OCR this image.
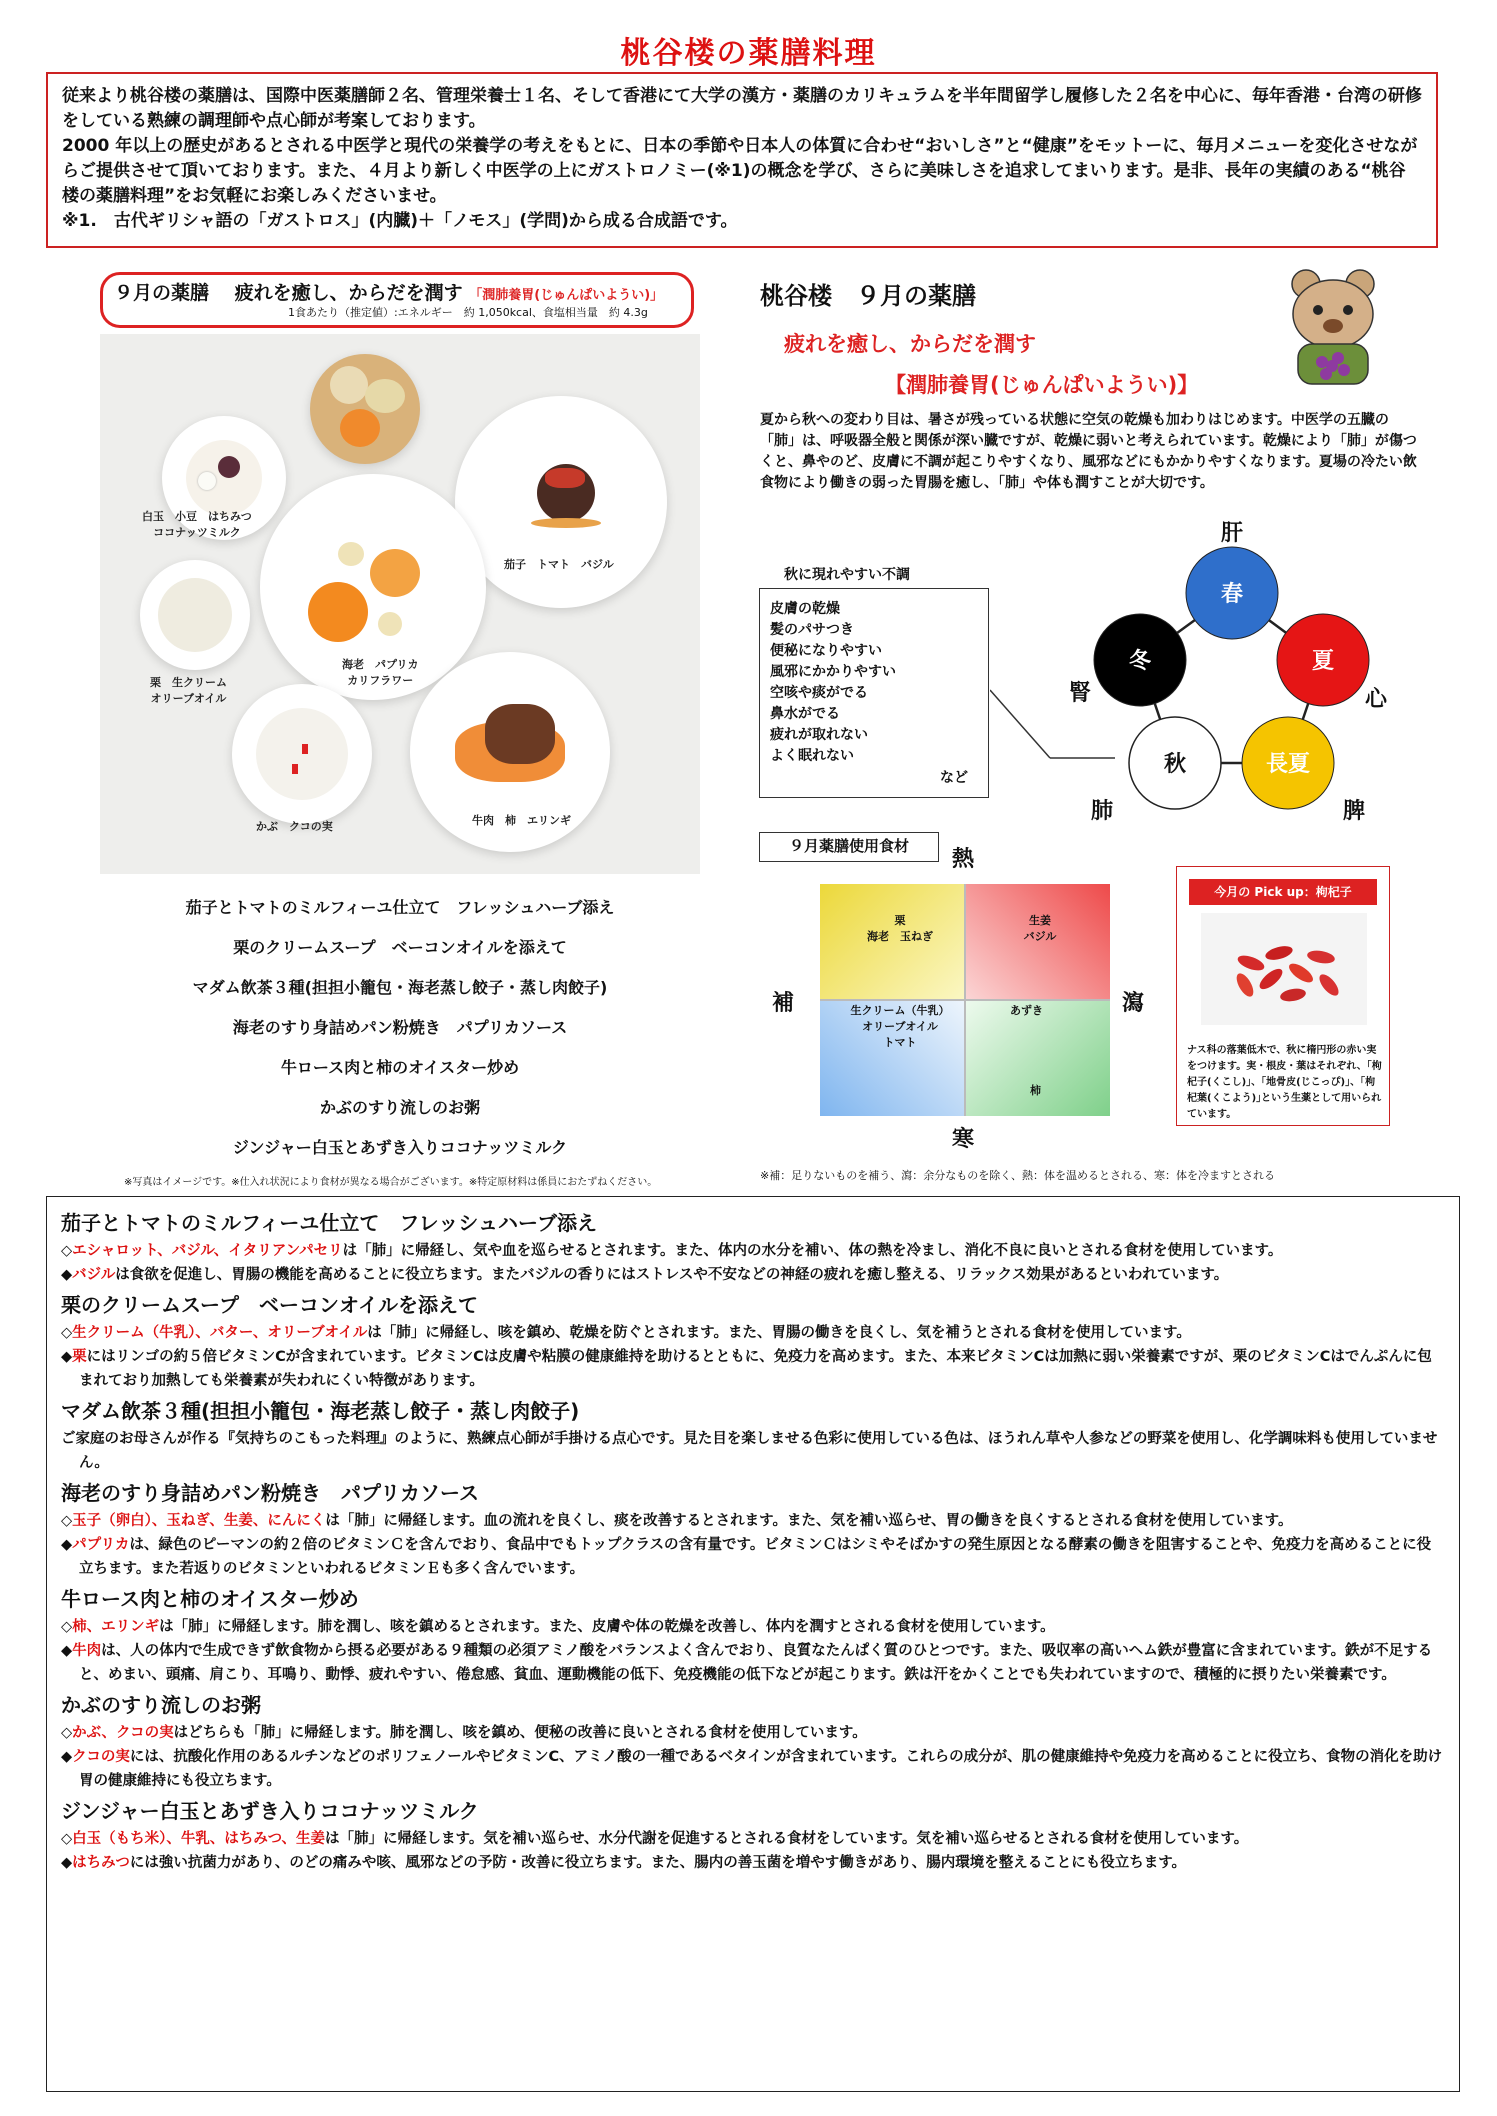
桃谷楼の薬膳料理

従来より桃谷楼の薬膳は、国際中医薬膳師２名、管理栄養士１名、そして香港にて大学の漢方・薬膳のカリキュラムを半年間留学し履修した２名を中心に、毎年香港・台湾の研修をしている熟練の調理師や点心師が考案しております。

2000 年以上の歴史があるとされる中医学と現代の栄養学の考えをもとに、日本の季節や日本人の体質に合わせ“おいしさ”と“健康”をモットーに、毎月メニューを変化させながらご提供させて頂いております。また、４月より新しく中医学の上にガストロノミー(※1)の概念を学び、さらに美味しさを追求してまいります。是非、長年の実績のある“桃谷楼の薬膳料理”をお気軽にお楽しみくださいませ。

※1.　古代ギリシャ語の「ガストロス」(内臓)＋「ノモス」(学問)から成る合成語です。

９月の薬膳　 疲れを癒し、からだを潤す 「潤肺養胃(じゅんぱいようい)」
1食あたり（推定値）:エネルギー　約 1,050kcal、食塩相当量　約 4.3g
白玉　小豆　はちみつ
ココナッツミルク
茄子　トマト　バジル
栗　生クリーム
オリーブオイル
海老　パプリカ
カリフラワー
かぶ　クコの実	牛肉　柿　エリンギ
茄子とトマトのミルフィーユ仕立て　フレッシュハーブ添え
栗のクリームスープ　ベーコンオイルを添えて
マダム飲茶３種(担担小籠包・海老蒸し餃子・蒸し肉餃子)
海老のすり身詰めパン粉焼き　パプリカソース
牛ロース肉と柿のオイスター炒め
かぶのすり流しのお粥
ジンジャー白玉とあずき入りココナッツミルク
※写真はイメージです。※仕入れ状況により食材が異なる場合がございます。※特定原材料は係員におたずねください。
桃谷楼　９月の薬膳
疲れを癒し、からだを潤す
【潤肺養胃(じゅんぱいようい)】
夏から秋への変わり目は、暑さが残っている状態に空気の乾燥も加わりはじめます。中医学の五臓の「肺」は、呼吸器全般と関係が深い臓ですが、乾燥に弱いと考えられています。乾燥により「肺」が傷つくと、鼻やのど、皮膚に不調が起こりやすくなり、風邪などにもかかりやすくなります。夏場の冷たい飲食物により働きの弱った胃腸を癒し、「肺」や体も潤すことが大切です。
秋に現れやすい不調
皮膚の乾燥
髪のパサつき
便秘になりやすい
風邪にかかりやすい
空咳や痰がでる
鼻水がでる
疲れが取れない
よく眠れない
など
春
夏
長夏
秋
冬
肝
心
脾
肺
腎
９月薬膳使用食材
熱
寒
補	瀉
栗
海老　玉ねぎ
生姜
バジル
生クリーム（牛乳）
オリーブオイル
トマト
あずき
柿
今月の Pick up：枸杞子
ナス科の落葉低木で、秋に楕円形の赤い実をつけます。実・根皮・葉はそれぞれ、｢枸杞子(くこし)｣、｢地骨皮(じこっぴ)｣、｢枸杞葉(くこよう)｣という生薬として用いられています。
※補：足りないものを補う、瀉：余分なものを除く、熱：体を温めるとされる、寒：体を冷ますとされる
茄子とトマトのミルフィーユ仕立て　フレッシュハーブ添え

◇エシャロット、バジル、イタリアンパセリは「肺」に帰経し、気や血を巡らせるとされます。また、体内の水分を補い、体の熱を冷まし、消化不良に良いとされる食材を使用しています。

◆バジルは食欲を促進し、胃腸の機能を高めることに役立ちます。またバジルの香りにはストレスや不安などの神経の疲れを癒し整える、リラックス効果があるといわれています。

栗のクリームスープ　ベーコンオイルを添えて

◇生クリーム（牛乳）、バター、オリーブオイルは「肺」に帰経し、咳を鎮め、乾燥を防ぐとされます。また、胃腸の働きを良くし、気を補うとされる食材を使用しています。

◆栗にはリンゴの約５倍ビタミンCが含まれています。ビタミンCは皮膚や粘膜の健康維持を助けるとともに、免疫力を高めます。また、本来ビタミンCは加熱に弱い栄養素ですが、栗のビタミンCはでんぷんに包まれており加熱しても栄養素が失われにくい特徴があります。

マダム飲茶３種(担担小籠包・海老蒸し餃子・蒸し肉餃子)

ご家庭のお母さんが作る『気持ちのこもった料理』のように、熟練点心師が手掛ける点心です。見た目を楽しませる色彩に使用している色は、ほうれん草や人参などの野菜を使用し、化学調味料も使用していません。

海老のすり身詰めパン粉焼き　パプリカソース

◇玉子（卵白）、玉ねぎ、生姜、にんにくは「肺」に帰経します。血の流れを良くし、痰を改善するとされます。また、気を補い巡らせ、胃の働きを良くするとされる食材を使用しています。

◆パプリカは、緑色のピーマンの約２倍のビタミンＣを含んでおり、食品中でもトップクラスの含有量です。ビタミンＣはシミやそばかすの発生原因となる酵素の働きを阻害することや、免疫力を高めることに役立ちます。また若返りのビタミンといわれるビタミンＥも多く含んでいます。

牛ロース肉と柿のオイスター炒め

◇柿、エリンギは「肺」に帰経します。肺を潤し、咳を鎮めるとされます。また、皮膚や体の乾燥を改善し、体内を潤すとされる食材を使用しています。

◆牛肉は、人の体内で生成できず飲食物から摂る必要がある９種類の必須アミノ酸をバランスよく含んでおり、良質なたんぱく質のひとつです。また、吸収率の高いヘム鉄が豊富に含まれています。鉄が不足すると、めまい、頭痛、肩こり、耳鳴り、動悸、疲れやすい、倦怠感、貧血、運動機能の低下、免疫機能の低下などが起こります。鉄は汗をかくことでも失われていますので、積極的に摂りたい栄養素です。

かぶのすり流しのお粥

◇かぶ、クコの実はどちらも「肺」に帰経します。肺を潤し、咳を鎮め、便秘の改善に良いとされる食材を使用しています。

◆クコの実には、抗酸化作用のあるルチンなどのポリフェノールやビタミンC、アミノ酸の一種であるベタインが含まれています。これらの成分が、肌の健康維持や免疫力を高めることに役立ち、食物の消化を助け胃の健康維持にも役立ちます。

ジンジャー白玉とあずき入りココナッツミルク

◇白玉（もち米）、牛乳、はちみつ、生姜は「肺」に帰経します。気を補い巡らせ、水分代謝を促進するとされる食材をしています。気を補い巡らせるとされる食材を使用しています。

◆はちみつには強い抗菌力があり、のどの痛みや咳、風邪などの予防・改善に役立ちます。また、腸内の善玉菌を増やす働きがあり、腸内環境を整えることにも役立ちます。
